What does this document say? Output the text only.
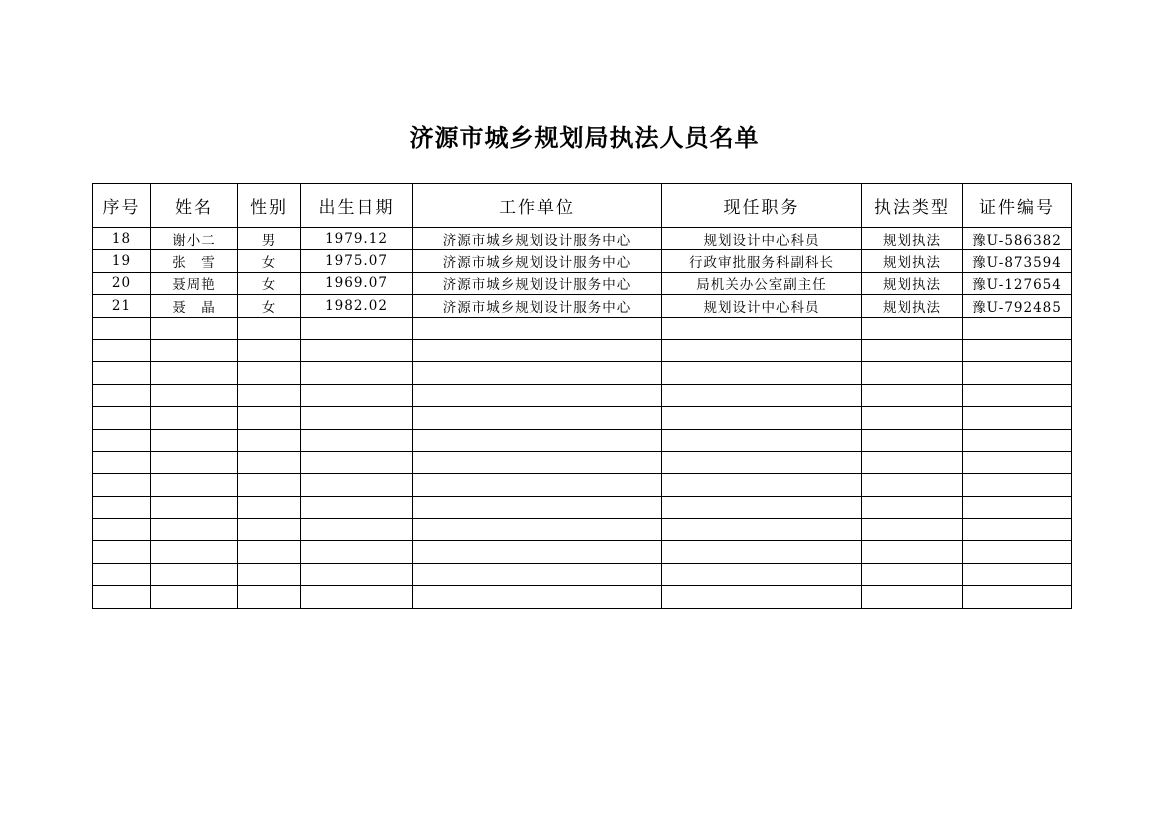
济源市城乡规划局执法人员名单
序号	姓名	性别	出生日期	工作单位	现任职务	执法类型	证件编号
18	谢小二	男	1979.12	济源市城乡规划设计服务中心	规划设计中心科员	规划执法	豫U-586382
19	张　雪	女	1975.07	济源市城乡规划设计服务中心	行政审批服务科副科长	规划执法	豫U-873594
20	聂周艳	女	1969.07	济源市城乡规划设计服务中心	局机关办公室副主任	规划执法	豫U-127654
21	聂　晶	女	1982.02	济源市城乡规划设计服务中心	规划设计中心科员	规划执法	豫U-792485
